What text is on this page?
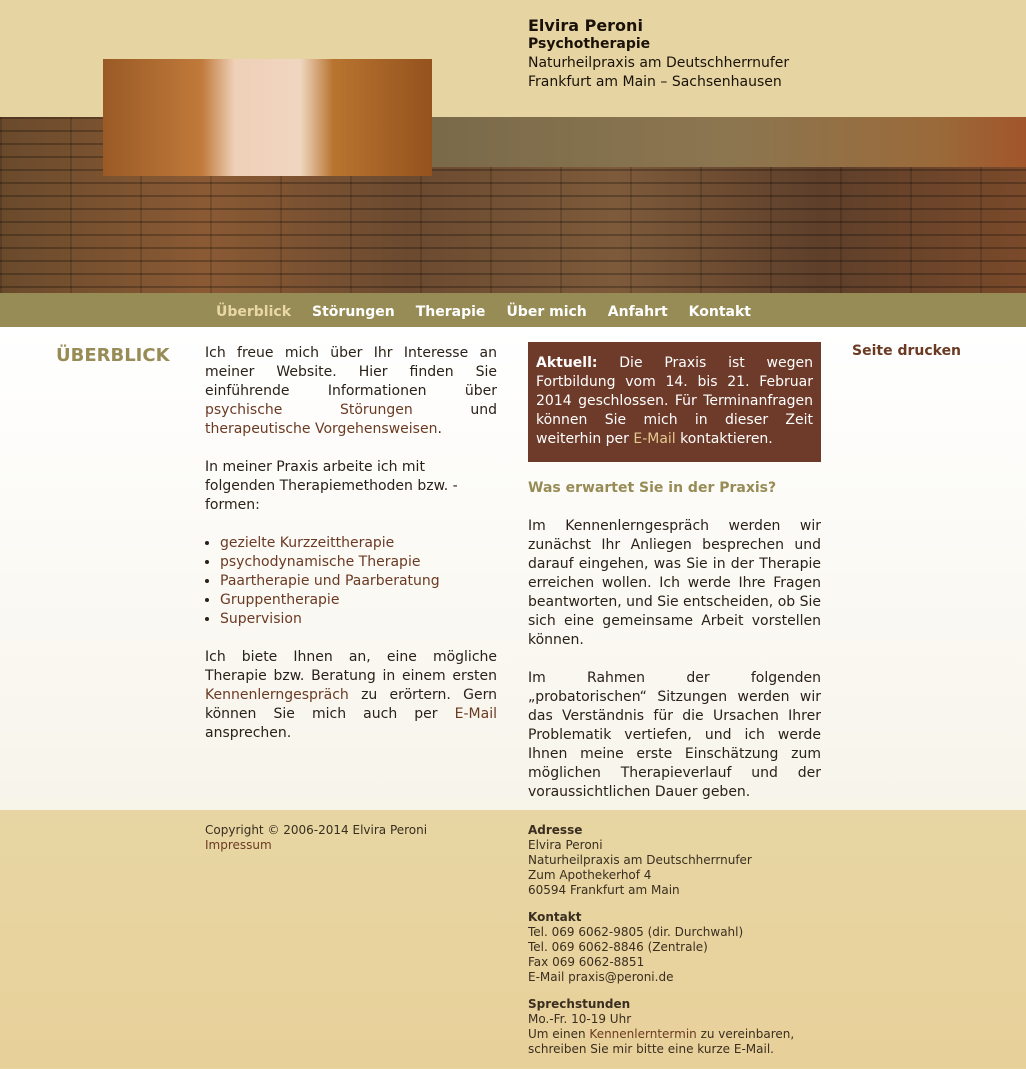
Elvira Peroni
Psychotherapie
Naturheilpraxis am Deutschherrnufer
Frankfurt am Main – Sachsenhausen
Überblick Störungen Therapie Über mich Anfahrt Kontakt
ÜBERBLICK	Ich freue mich über Ihr Interesse an meiner Website. Hier finden Sie einführende Informationen über psychische Störungen und therapeutische Vorgehensweisen.

In meiner Praxis arbeite ich mit folgenden Therapiemethoden bzw. -formen:

• gezielte Kurzzeittherapie
• psychodynamische Therapie
• Paartherapie und Paarberatung
• Gruppentherapie
• Supervision

Ich biete Ihnen an, eine mögliche Therapie bzw. Beratung in einem ersten Kennenlerngespräch zu erörtern. Gern können Sie mich auch per E-Mail ansprechen.

Aktuell: Die Praxis ist wegen Fortbildung vom 14. bis 21. Februar 2014 geschlossen. Für Terminanfragen können Sie mich in dieser Zeit weiterhin per E-Mail kontaktieren.
Was erwartet Sie in der Praxis?

Im Kennenlerngespräch werden wir zunächst Ihr Anliegen besprechen und darauf eingehen, was Sie in der Therapie erreichen wollen. Ich werde Ihre Fragen beantworten, und Sie entscheiden, ob Sie sich eine gemeinsame Arbeit vorstellen können.

Im Rahmen der folgenden „probatorischen“ Sitzungen werden wir das Verständnis für die Ursachen Ihrer Problematik vertiefen, und ich werde Ihnen meine erste Einschätzung zum möglichen Therapieverlauf und der voraussichtlichen Dauer geben.

Seite drucken
Copyright © 2006-2014 Elvira Peroni
Impressum
Adresse
Elvira Peroni
Naturheilpraxis am Deutschherrnufer
Zum Apothekerhof 4
60594 Frankfurt am Main
Kontakt
Tel. 069 6062-9805 (dir. Durchwahl)
Tel. 069 6062-8846 (Zentrale)
Fax 069 6062-8851
E-Mail praxis@peroni.de
Sprechstunden
Mo.-Fr. 10-19 Uhr
Um einen Kennenlerntermin zu vereinbaren,
schreiben Sie mir bitte eine kurze E-Mail.
